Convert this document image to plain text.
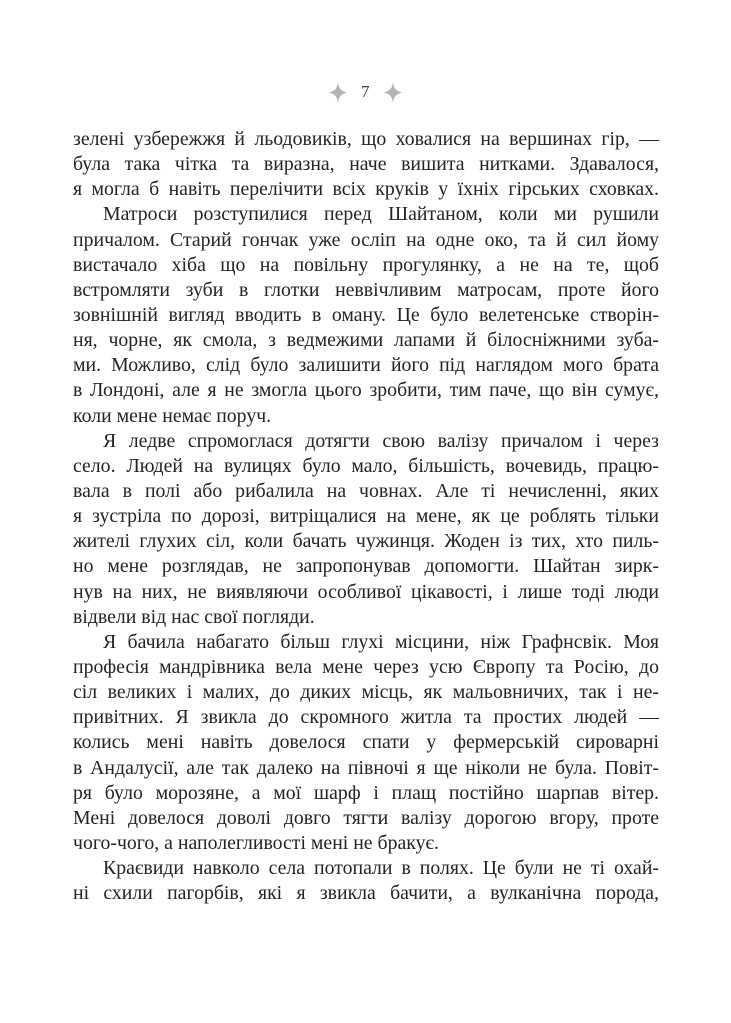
7
зелені узбережжя й льодовиків, що ховалися на вершинах гір, —
була така чітка та виразна, наче вишита нитками. Здавалося,
я могла б навіть перелічити всіх круків у їхніх гірських сховках.
Матроси розступилися перед Шайтаном, коли ми рушили
причалом. Старий гончак уже осліп на одне око, та й сил йому
вистачало хіба що на повільну прогулянку, а не на те, щоб
встромляти зуби в глотки неввічливим матросам, проте його
зовнішній вигляд вводить в оману. Це було велетенське створін-
ня, чорне, як смола, з ведмежими лапами й білосніжними зуба-
ми. Можливо, слід було залишити його під наглядом мого брата
в Лондоні, але я не змогла цього зробити, тим паче, що він сумує,
коли мене немає поруч.
Я ледве спромоглася дотягти свою валізу причалом і через
село. Людей на вулицях було мало, більшість, вочевидь, працю-
вала в полі або рибалила на човнах. Але ті нечисленні, яких
я зустріла по дорозі, витріщалися на мене, як це роблять тільки
жителі глухих сіл, коли бачать чужинця. Жоден із тих, хто пиль-
но мене розглядав, не запропонував допомогти. Шайтан зирк-
нув на них, не виявляючи особливої цікавості, і лише тоді люди
відвели від нас свої погляди.
Я бачила набагато більш глухі місцини, ніж Графнсвік. Моя
професія мандрівника вела мене через усю Європу та Росію, до
сіл великих і малих, до диких місць, як мальовничих, так і не-
привітних. Я звикла до скромного житла та простих людей —
колись мені навіть довелося спати у фермерській сироварні
в Андалусії, але так далеко на півночі я ще ніколи не була. Повіт-
ря було морозяне, а мої шарф і плащ постійно шарпав вітер.
Мені довелося доволі довго тягти валізу дорогою вгору, проте
чого-чого, а наполегливості мені не бракує.
Краєвиди навколо села потопали в полях. Це були не ті охай-
ні схили пагорбів, які я звикла бачити, а вулканічна порода,
